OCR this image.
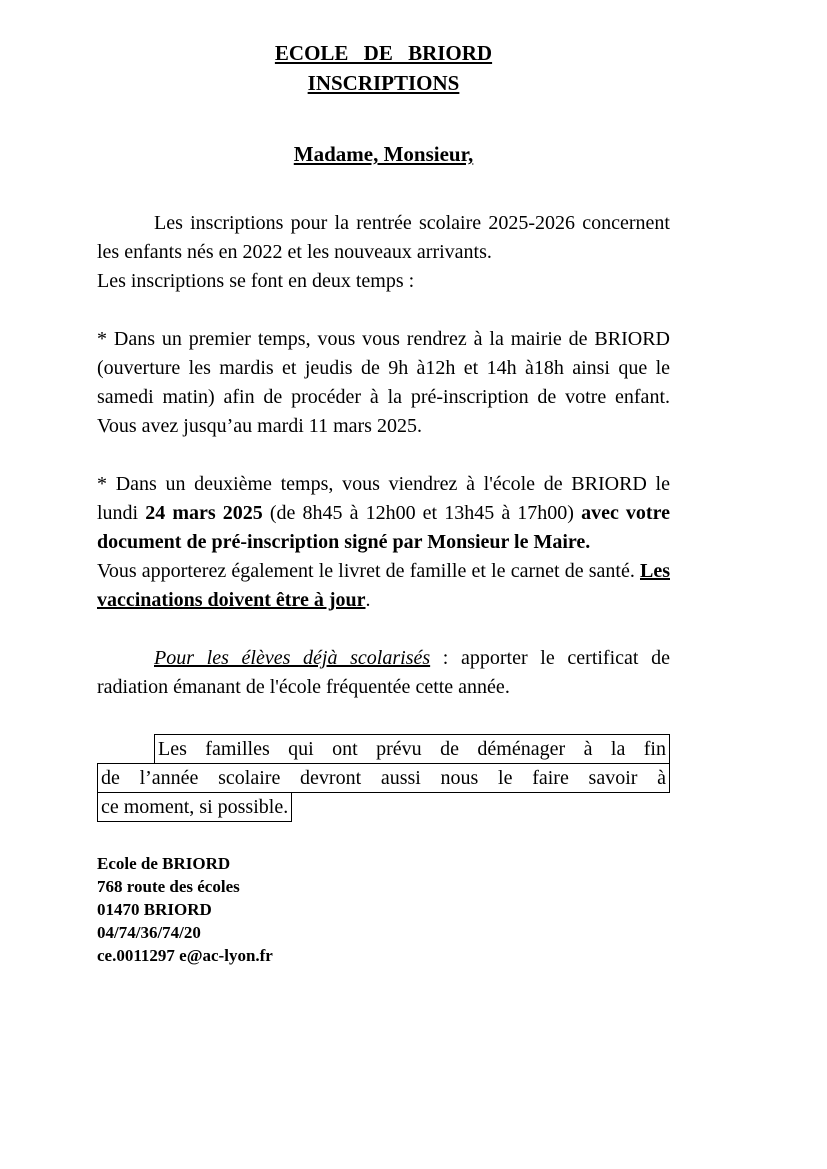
ECOLE DE BRIORD
INSCRIPTIONS

Madame, Monsieur,

Les inscriptions pour la rentrée scolaire 2025-2026 concernent les enfants nés en 2022 et les nouveaux arrivants.

Les inscriptions se font en deux temps :

* Dans un premier temps, vous vous rendrez à la mairie de BRIORD (ouverture les mardis et jeudis de 9h à12h et 14h à18h ainsi que le samedi matin) afin de procéder à la pré-inscription de votre enfant. Vous avez jusqu’au mardi 11 mars 2025.

* Dans un deuxième temps, vous viendrez à l'école de BRIORD le lundi 24 mars 2025 (de 8h45 à 12h00 et 13h45 à 17h00) avec votre document de pré-inscription signé par Monsieur le Maire.

Vous apporterez également le livret de famille et le carnet de santé. Les vaccinations doivent être à jour.

Pour les élèves déjà scolarisés : apporter le certificat de radiation émanant de l'école fréquentée cette année.

Les familles qui ont prévu de déménager à la fin
de l’année scolaire devront aussi nous le faire savoir à
ce moment, si possible.
Ecole de BRIORD
768 route des écoles
01470 BRIORD
04/74/36/74/20
ce.0011297 e@ac-lyon.fr
